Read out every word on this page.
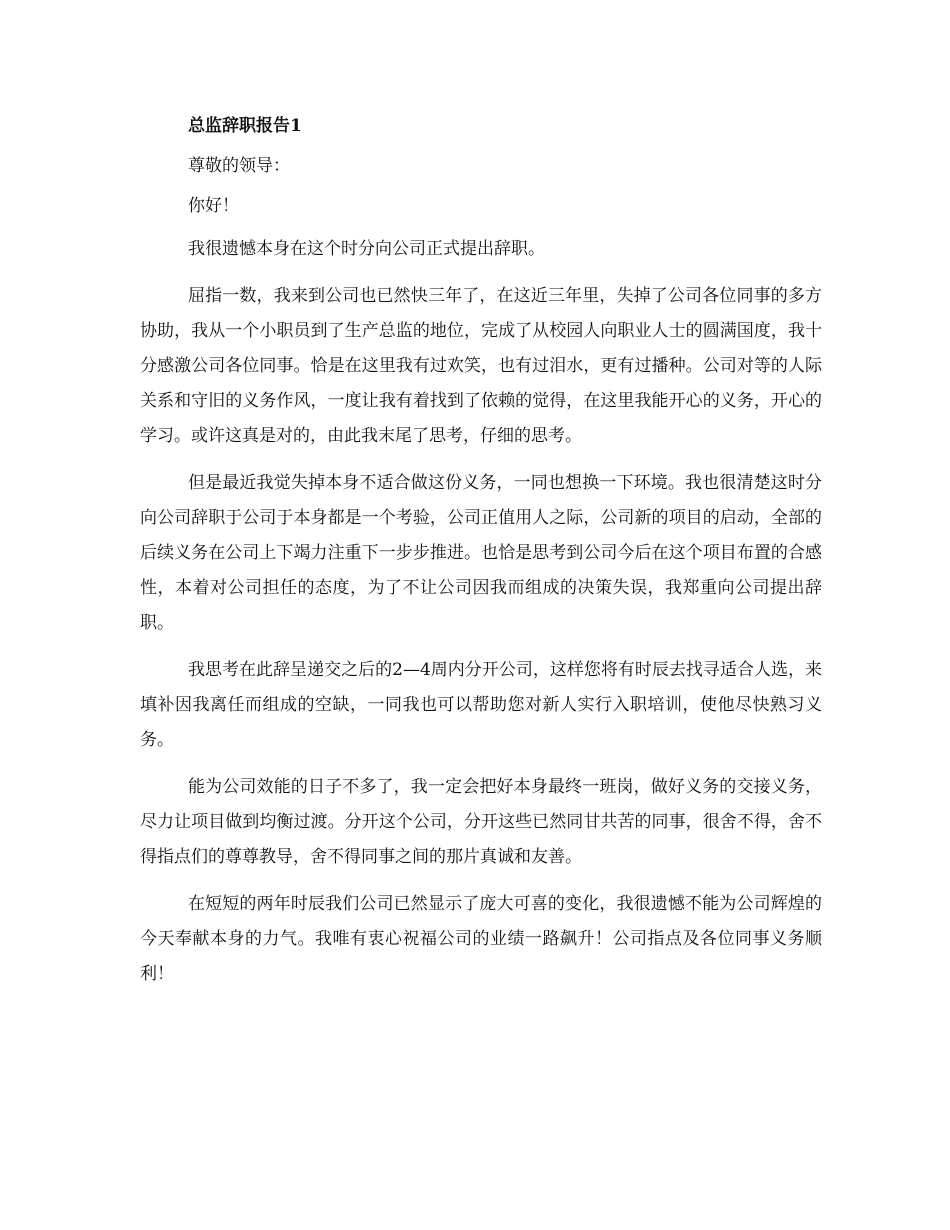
总监辞职报告1
尊敬的领导：
你好！

我很遗憾本身在这个时分向公司正式提出辞职。

屈指一数，我来到公司也已然快三年了，在这近三年里，失掉了公司各位同事的多方协助，我从一个小职员到了生产总监的地位，完成了从校园人向职业人士的圆满国度，我十分感激公司各位同事。恰是在这里我有过欢笑，也有过泪水，更有过播种。公司对等的人际关系和守旧的义务作风，一度让我有着找到了依赖的觉得，在这里我能开心的义务，开心的学习。或许这真是对的，由此我末尾了思考，仔细的思考。

但是最近我觉失掉本身不适合做这份义务，一同也想换一下环境。我也很清楚这时分向公司辞职于公司于本身都是一个考验，公司正值用人之际，公司新的项目的启动，全部的后续义务在公司上下竭力注重下一步步推进。也恰是思考到公司今后在这个项目布置的合感性，本着对公司担任的态度，为了不让公司因我而组成的决策失误，我郑重向公司提出辞职。

我思考在此辞呈递交之后的2—4周内分开公司，这样您将有时辰去找寻适合人选，来填补因我离任而组成的空缺，一同我也可以帮助您对新人实行入职培训，使他尽快熟习义务。

能为公司效能的日子不多了，我一定会把好本身最终一班岗，做好义务的交接义务，尽力让项目做到均衡过渡。分开这个公司，分开这些已然同甘共苦的同事，很舍不得，舍不得指点们的尊尊教导，舍不得同事之间的那片真诚和友善。

在短短的两年时辰我们公司已然显示了庞大可喜的变化，我很遗憾不能为公司辉煌的今天奉献本身的力气。我唯有衷心祝福公司的业绩一路飙升！公司指点及各位同事义务顺利！
